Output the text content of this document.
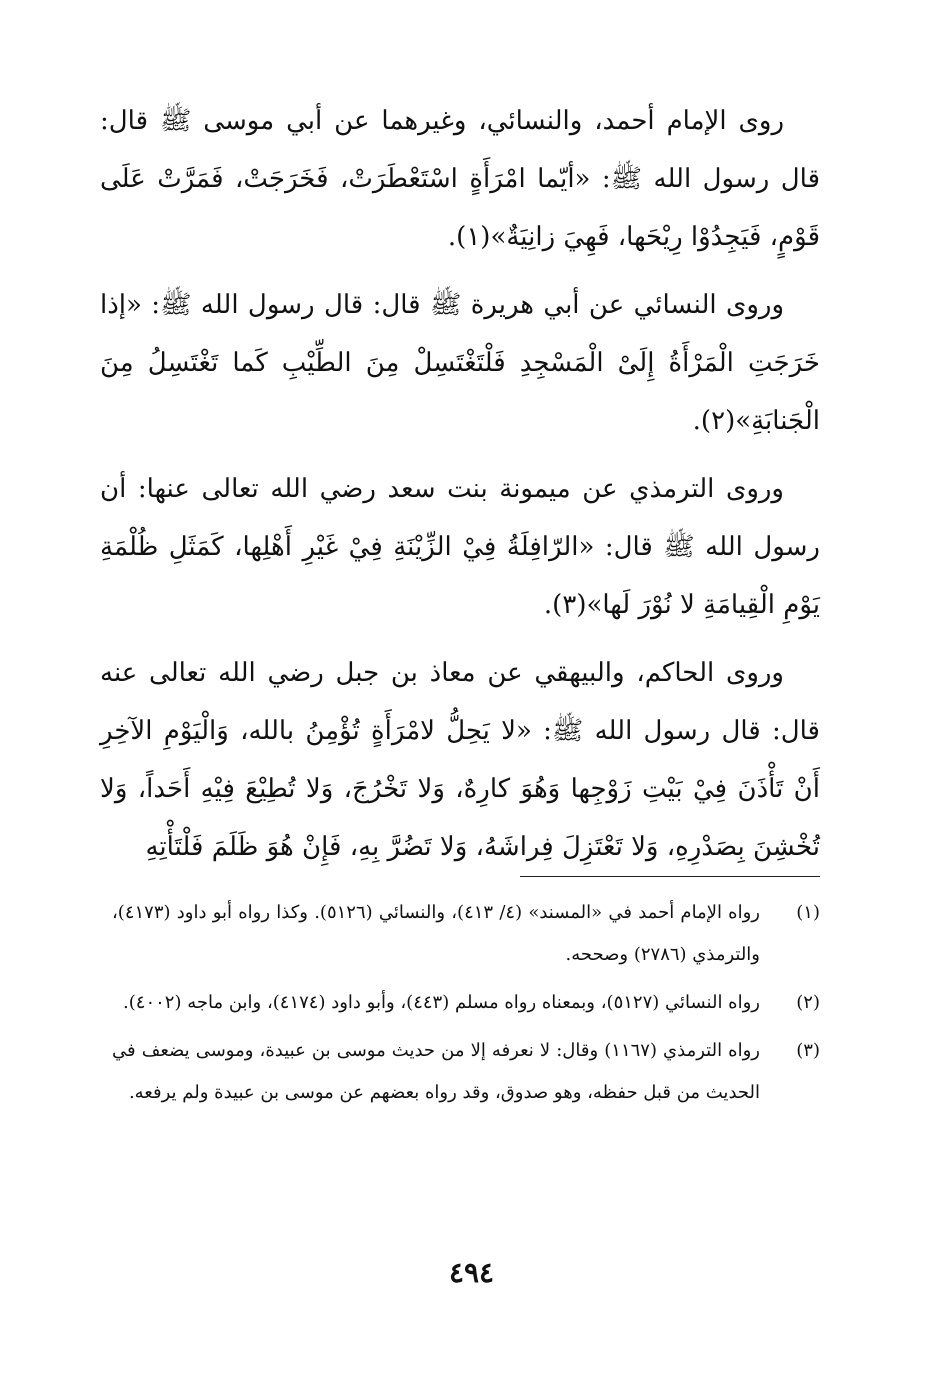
روى الإمام أحمد، والنسائي، وغيرهما عن أبي موسى ﷺ قال: قال رسول الله ﷺ: «أيّما امْرَأَةٍ اسْتَعْطَرَتْ، فَخَرَجَتْ، فَمَرَّتْ عَلَى قَوْمٍ، فَيَجِدُوْا رِيْحَها، فَهِيَ زانِيَةٌ»(١).

وروى النسائي عن أبي هريرة ﷺ قال: قال رسول الله ﷺ: «إذا خَرَجَتِ الْمَرْأَةُ إِلَىْ الْمَسْجِدِ فَلْتَغْتَسِلْ مِنَ الطِّيْبِ كَما تَغْتَسِلُ مِنَ الْجَنابَةِ»(٢).

وروى الترمذي عن ميمونة بنت سعد رضي الله تعالى عنها: أن رسول الله ﷺ قال: «الرّافِلَةُ فِيْ الزِّيْنَةِ فِيْ غَيْرِ أَهْلِها، كَمَثَلِ ظُلْمَةِ يَوْمِ الْقِيامَةِ لا نُوْرَ لَها»(٣).

وروى الحاكم، والبيهقي عن معاذ بن جبل رضي الله تعالى عنه قال: قال رسول الله ﷺ: «لا يَحِلُّ لامْرَأَةٍ تُؤْمِنُ بالله، وَالْيَوْمِ الآخِرِ أَنْ تَأْذَنَ فِيْ بَيْتِ زَوْجِها وَهُوَ كارِهٌ، وَلا تَخْرُجَ، وَلا تُطِيْعَ فِيْهِ أَحَداً، وَلا تُخْشِنَ بِصَدْرِهِ، وَلا تَعْتَزِلَ فِراشَهُ، وَلا تَضُرَّ بِهِ، فَإِنْ هُوَ ظَلَمَ فَلْتَأْتِهِ

(١)
رواه الإمام أحمد في «المسند» (٤/ ٤١٣)، والنسائي (٥١٢٦). وكذا رواه أبو داود (٤١٧٣)، والترمذي (٢٧٨٦) وصححه.
(٢)
رواه النسائي (٥١٢٧)، وبمعناه رواه مسلم (٤٤٣)، وأبو داود (٤١٧٤)، وابن ماجه (٤٠٠٢).
(٣)
رواه الترمذي (١١٦٧) وقال: لا نعرفه إلا من حديث موسى بن عبيدة، وموسى يضعف في الحديث من قبل حفظه، وهو صدوق، وقد رواه بعضهم عن موسى بن عبيدة ولم يرفعه.
٤٩٤
